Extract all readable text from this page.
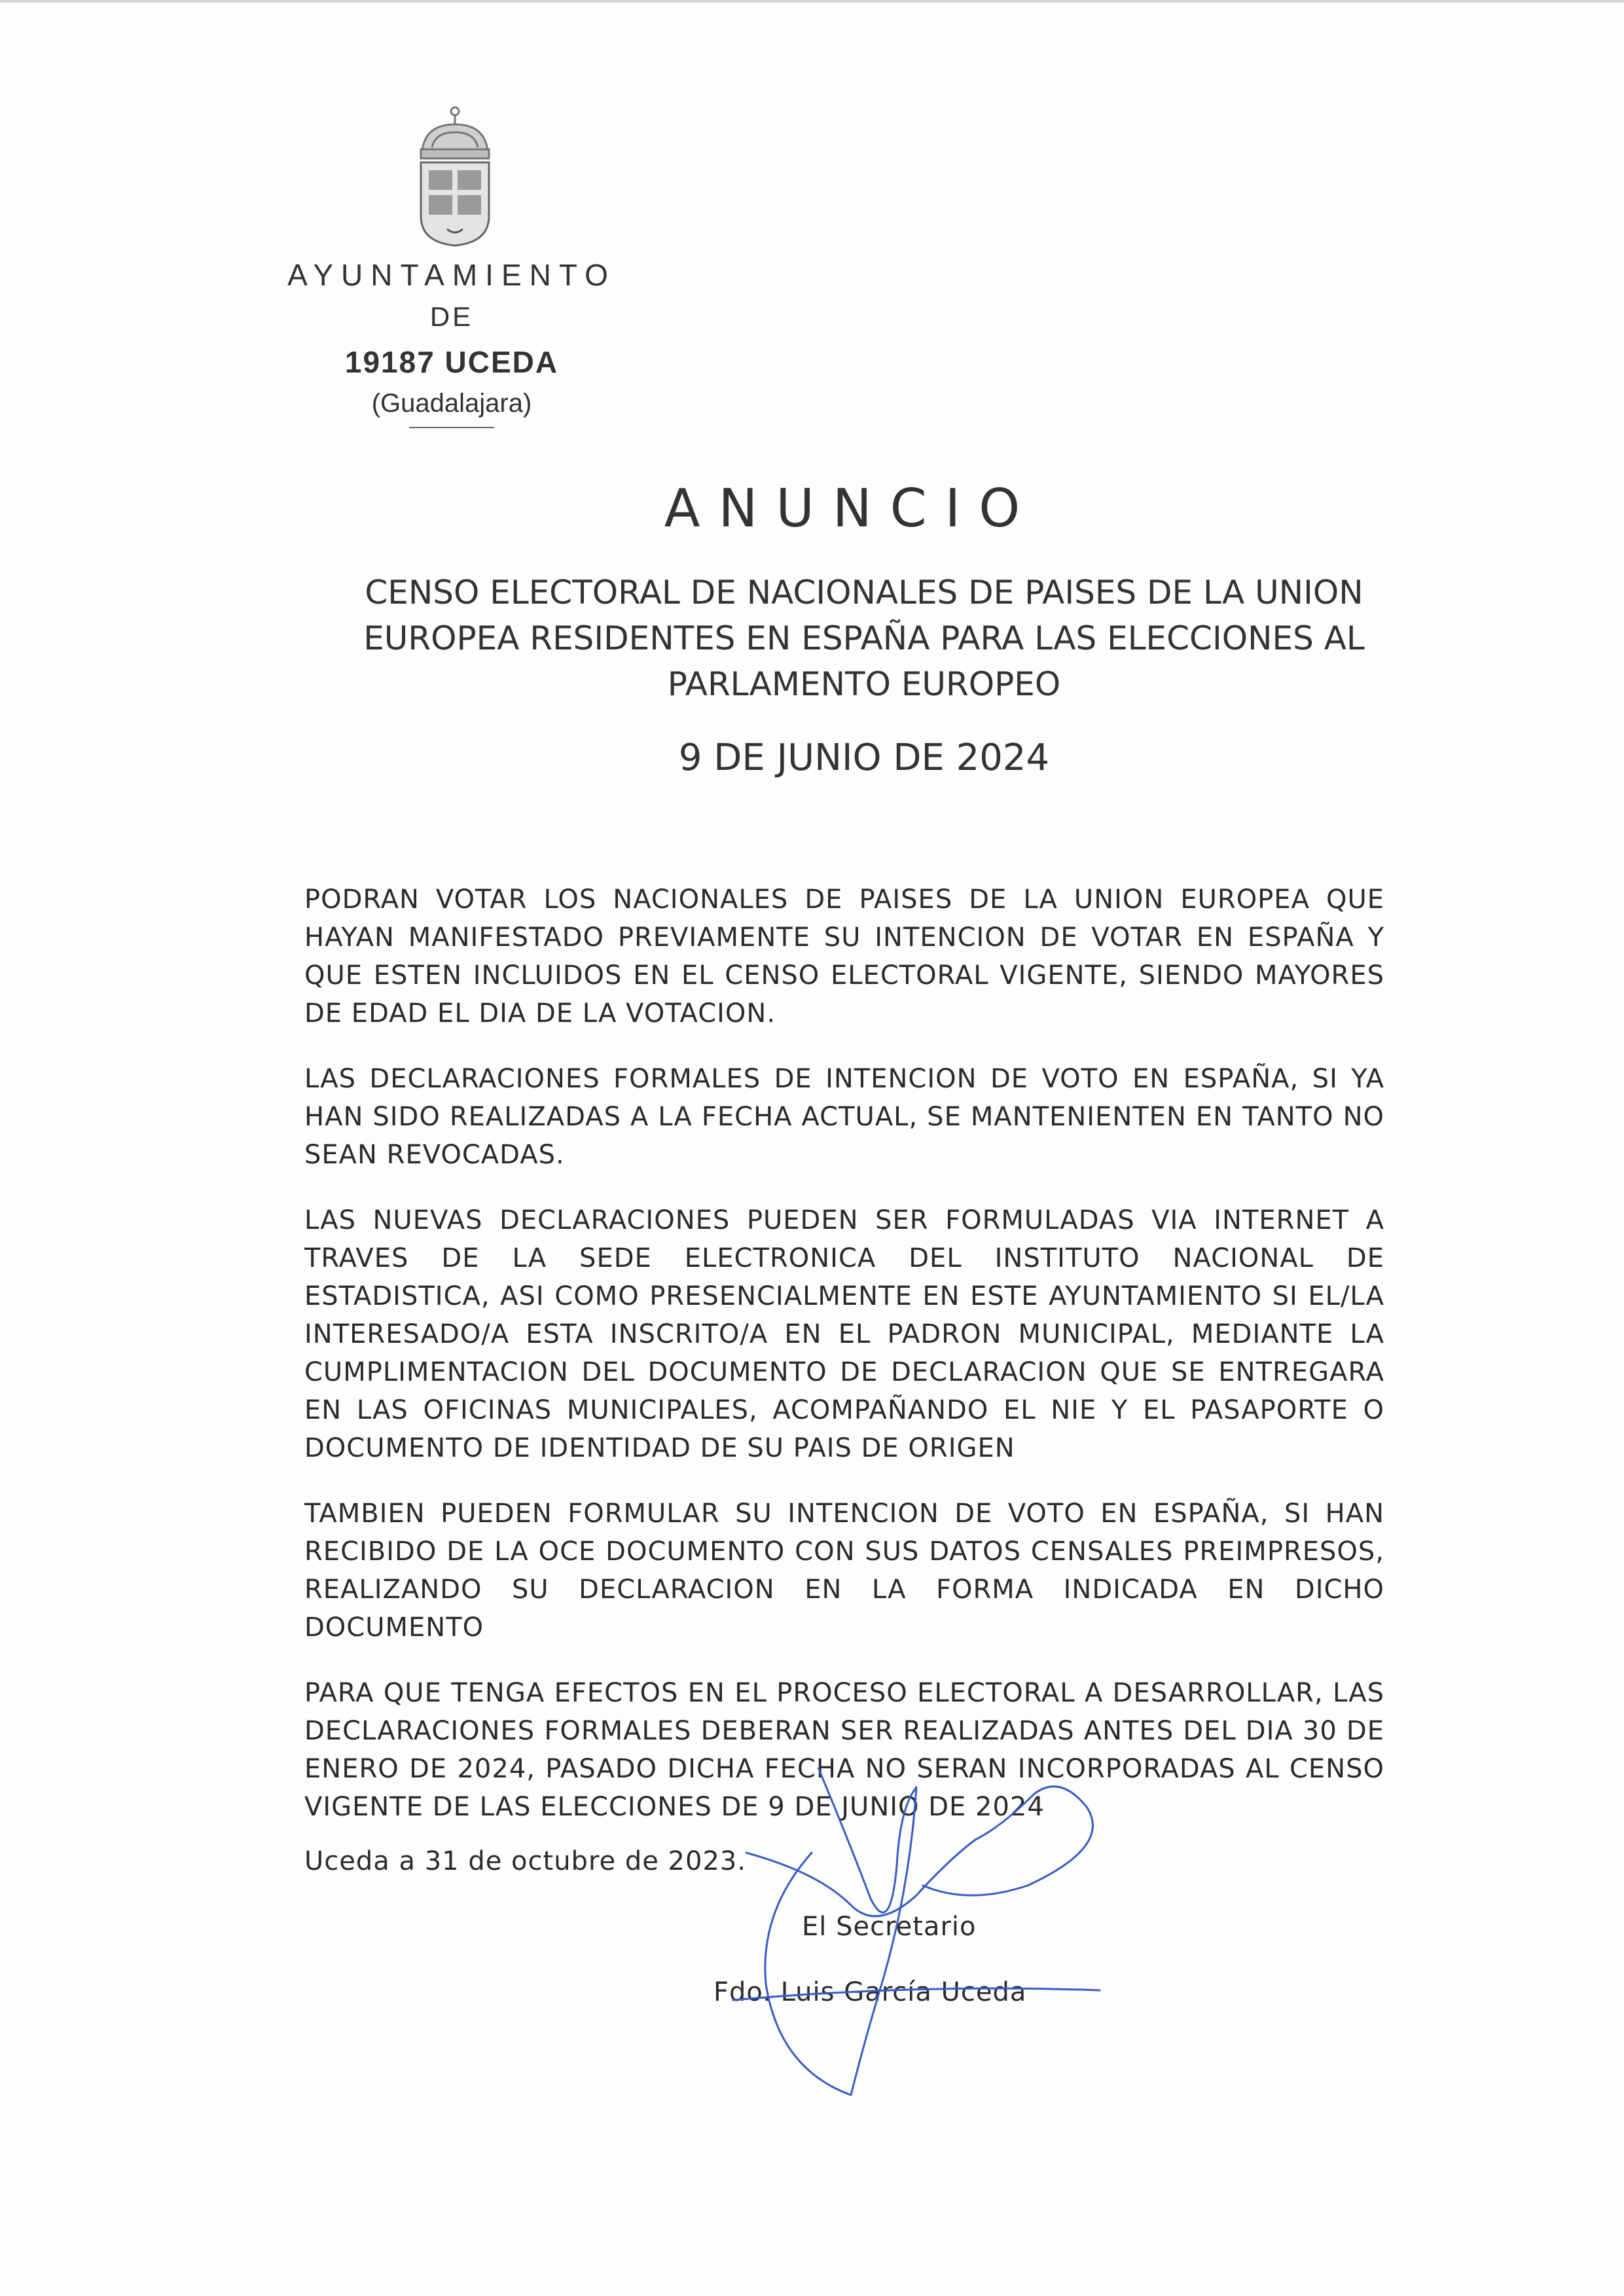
AYUNTAMIENTO
DE
19187 UCEDA
(Guadalajara)
ANUNCIO
CENSO ELECTORAL DE NACIONALES DE PAISES DE LA UNION EUROPEA RESIDENTES EN ESPAÑA PARA LAS ELECCIONES AL PARLAMENTO EUROPEO
9 DE JUNIO DE 2024

PODRAN VOTAR LOS NACIONALES DE PAISES DE LA UNION EUROPEA QUE HAYAN MANIFESTADO PREVIAMENTE SU INTENCION DE VOTAR EN ESPAÑA Y QUE ESTEN INCLUIDOS EN EL CENSO ELECTORAL VIGENTE, SIENDO MAYORES DE EDAD EL DIA DE LA VOTACION.

LAS DECLARACIONES FORMALES DE INTENCION DE VOTO EN ESPAÑA, SI YA HAN SIDO REALIZADAS A LA FECHA ACTUAL, SE MANTENIENTEN EN TANTO NO SEAN REVOCADAS.

LAS NUEVAS DECLARACIONES PUEDEN SER FORMULADAS VIA INTERNET A TRAVES DE LA SEDE ELECTRONICA DEL INSTITUTO NACIONAL DE ESTADISTICA, ASI COMO PRESENCIALMENTE EN ESTE AYUNTAMIENTO SI EL/LA INTERESADO/A ESTA INSCRITO/A EN EL PADRON MUNICIPAL, MEDIANTE LA CUMPLIMENTACION DEL DOCUMENTO DE DECLARACION QUE SE ENTREGARA EN LAS OFICINAS MUNICIPALES, ACOMPAÑANDO EL NIE Y EL PASAPORTE O DOCUMENTO DE IDENTIDAD DE SU PAIS DE ORIGEN

TAMBIEN PUEDEN FORMULAR SU INTENCION DE VOTO EN ESPAÑA, SI HAN RECIBIDO DE LA OCE DOCUMENTO CON SUS DATOS CENSALES PREIMPRESOS, REALIZANDO SU DECLARACION EN LA FORMA INDICADA EN DICHO DOCUMENTO

PARA QUE TENGA EFECTOS EN EL PROCESO ELECTORAL A DESARROLLAR, LAS DECLARACIONES FORMALES DEBERAN SER REALIZADAS ANTES DEL DIA 30 DE ENERO DE 2024, PASADO DICHA FECHA NO SERAN INCORPORADAS AL CENSO VIGENTE DE LAS ELECCIONES DE 9 DE JUNIO DE 2024

Uceda a 31 de octubre de 2023.
El Secretario
Fdo. Luis García Uceda
